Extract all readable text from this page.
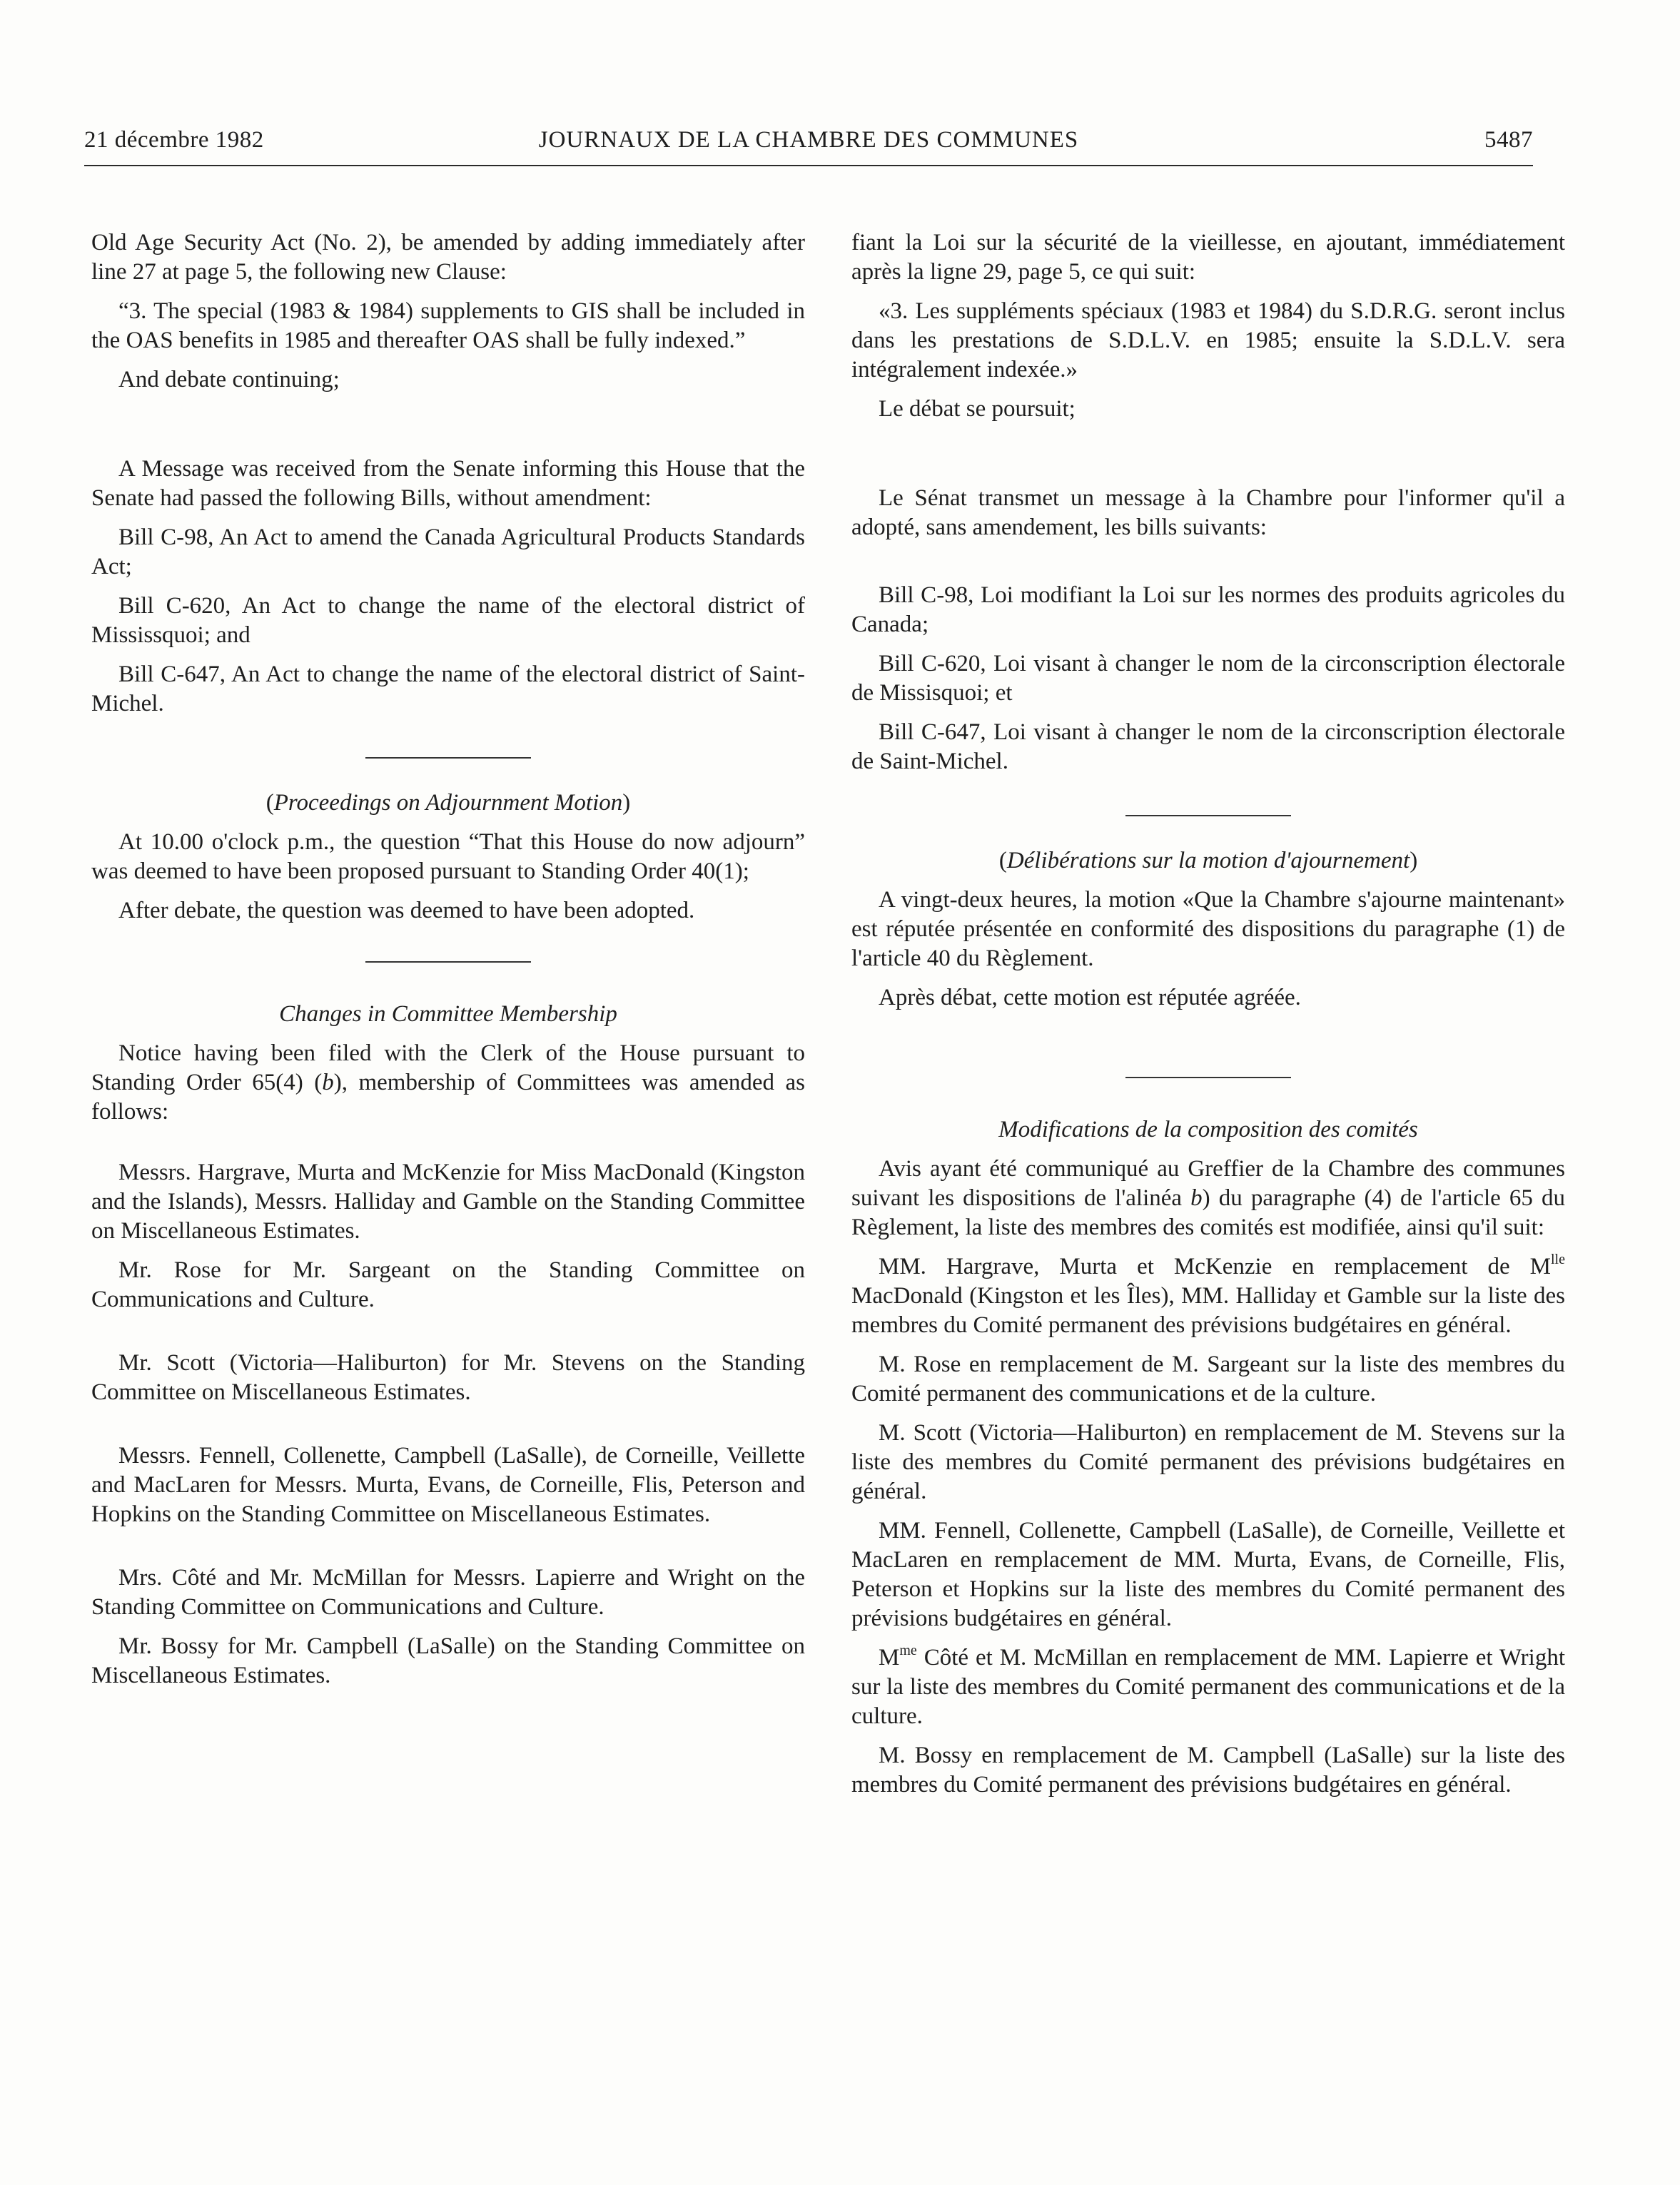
21 décembre 1982	JOURNAUX DE LA CHAMBRE DES COMMUNES	5487

Old Age Security Act (No. 2), be amended by adding immediately after line 27 at page 5, the following new Clause:

“3. The special (1983 & 1984) supplements to GIS shall be included in the OAS benefits in 1985 and thereafter OAS shall be fully indexed.”

And debate continuing;

A Message was received from the Senate informing this House that the Senate had passed the following Bills, without amendment:

Bill C-98, An Act to amend the Canada Agricultural Products Standards Act;

Bill C-620, An Act to change the name of the electoral district of Mississquoi; and

Bill C-647, An Act to change the name of the electoral district of Saint-Michel.

(Proceedings on Adjournment Motion)

At 10.00 o'clock p.m., the question “That this House do now adjourn” was deemed to have been proposed pursuant to Standing Order 40(1);

After debate, the question was deemed to have been adopted.

Changes in Committee Membership

Notice having been filed with the Clerk of the House pursuant to Standing Order 65(4) (b), membership of Committees was amended as follows:

Messrs. Hargrave, Murta and McKenzie for Miss MacDonald (Kingston and the Islands), Messrs. Halliday and Gamble on the Standing Committee on Miscellaneous Estimates.

Mr. Rose for Mr. Sargeant on the Standing Committee on Communications and Culture.

Mr. Scott (Victoria—Haliburton) for Mr. Stevens on the Standing Committee on Miscellaneous Estimates.

Messrs. Fennell, Collenette, Campbell (LaSalle), de Corneille, Veillette and MacLaren for Messrs. Murta, Evans, de Corneille, Flis, Peterson and Hopkins on the Standing Committee on Miscellaneous Estimates.

Mrs. Côté and Mr. McMillan for Messrs. Lapierre and Wright on the Standing Committee on Communications and Culture.

Mr. Bossy for Mr. Campbell (LaSalle) on the Standing Committee on Miscellaneous Estimates.

fiant la Loi sur la sécurité de la vieillesse, en ajoutant, immédiatement après la ligne 29, page 5, ce qui suit:

«3. Les suppléments spéciaux (1983 et 1984) du S.D.R.G. seront inclus dans les prestations de S.D.L.V. en 1985; ensuite la S.D.L.V. sera intégralement indexée.»

Le débat se poursuit;

Le Sénat transmet un message à la Chambre pour l'informer qu'il a adopté, sans amendement, les bills suivants:

Bill C-98, Loi modifiant la Loi sur les normes des produits agricoles du Canada;

Bill C-620, Loi visant à changer le nom de la circonscription électorale de Missisquoi; et

Bill C-647, Loi visant à changer le nom de la circonscription électorale de Saint-Michel.

(Délibérations sur la motion d'ajournement)

A vingt-deux heures, la motion «Que la Chambre s'ajourne maintenant» est réputée présentée en conformité des dispositions du paragraphe (1) de l'article 40 du Règlement.

Après débat, cette motion est réputée agréée.

Modifications de la composition des comités

Avis ayant été communiqué au Greffier de la Chambre des communes suivant les dispositions de l'alinéa b) du paragraphe (4) de l'article 65 du Règlement, la liste des membres des comités est modifiée, ainsi qu'il suit:

MM. Hargrave, Murta et McKenzie en remplacement de $M^{lle}$ MacDonald (Kingston et les Îles), MM. Halliday et Gamble sur la liste des membres du Comité permanent des prévisions budgétaires en général.

M. Rose en remplacement de M. Sargeant sur la liste des membres du Comité permanent des communications et de la culture.

M. Scott (Victoria—Haliburton) en remplacement de M. Stevens sur la liste des membres du Comité permanent des prévisions budgétaires en général.

MM. Fennell, Collenette, Campbell (LaSalle), de Corneille, Veillette et MacLaren en remplacement de MM. Murta, Evans, de Corneille, Flis, Peterson et Hopkins sur la liste des membres du Comité permanent des prévisions budgétaires en général.

$M^{me}$ Côté et M. McMillan en remplacement de MM. Lapierre et Wright sur la liste des membres du Comité permanent des communications et de la culture.

M. Bossy en remplacement de M. Campbell (LaSalle) sur la liste des membres du Comité permanent des prévisions budgétaires en général.
